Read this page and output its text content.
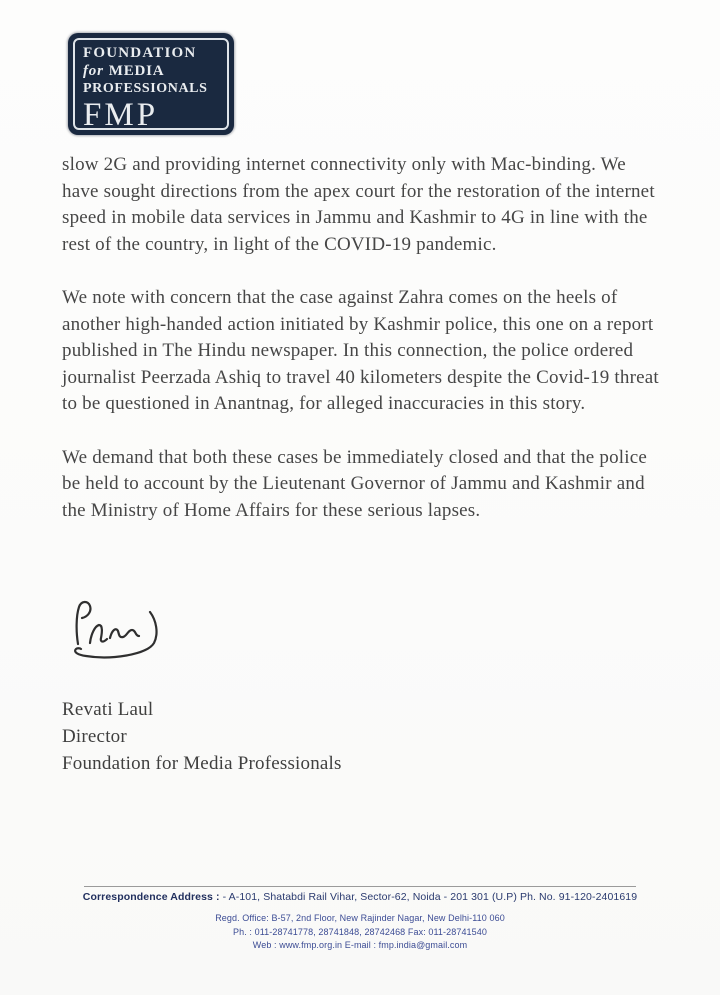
FOUNDATION
for MEDIA
PROFESSIONALS
FMP

slow 2G and providing internet connectivity only with Mac-binding. We have sought directions from the apex court for the restoration of the internet speed in mobile data services in Jammu and Kashmir to 4G in line with the rest of the country, in light of the COVID-19 pandemic.

We note with concern that the case against Zahra comes on the heels of another high-handed action initiated by Kashmir police, this one on a report published in The Hindu newspaper. In this connection, the police ordered journalist Peerzada Ashiq to travel 40 kilometers despite the Covid-19 threat to be questioned in Anantnag, for alleged inaccuracies in this story.

We demand that both these cases be immediately closed and that the police be held to account by the Lieutenant Governor of Jammu and Kashmir and the Ministry of Home Affairs for these serious lapses.

Revati Laul
Director
Foundation for Media Professionals
Correspondence Address : - A-101, Shatabdi Rail Vihar, Sector-62, Noida - 201 301 (U.P) Ph. No. 91-120-2401619
Regd. Office: B-57, 2nd Floor, New Rajinder Nagar, New Delhi-110 060
Ph. : 011-28741778, 28741848, 28742468 Fax: 011-28741540
Web : www.fmp.org.in E-mail : fmp.india@gmail.com
